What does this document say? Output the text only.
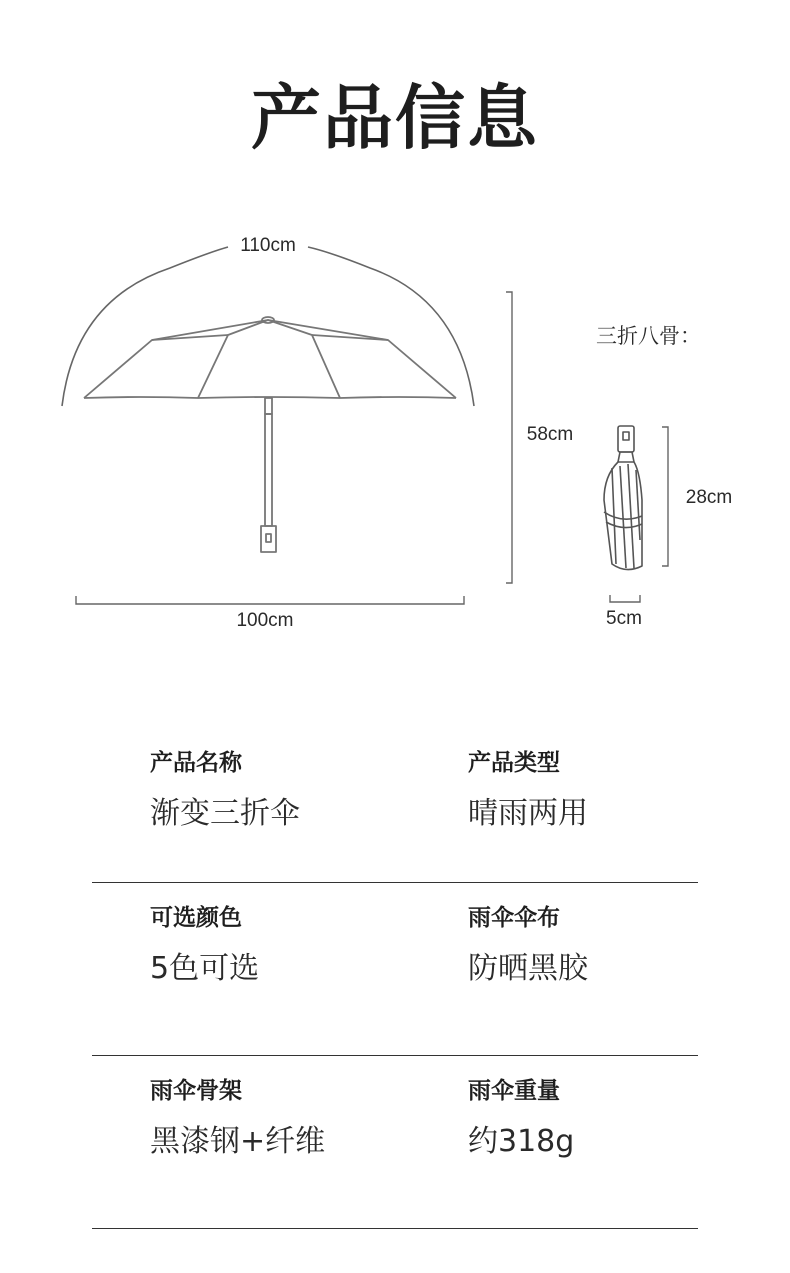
产品信息
110cm
58cm
100cm
三折八骨：
28cm
5cm
产品名称
渐变三折伞
产品类型
晴雨两用
可选颜色
5色可选
雨伞伞布
防晒黑胶
雨伞骨架
黑漆钢+纤维
雨伞重量
约318g
